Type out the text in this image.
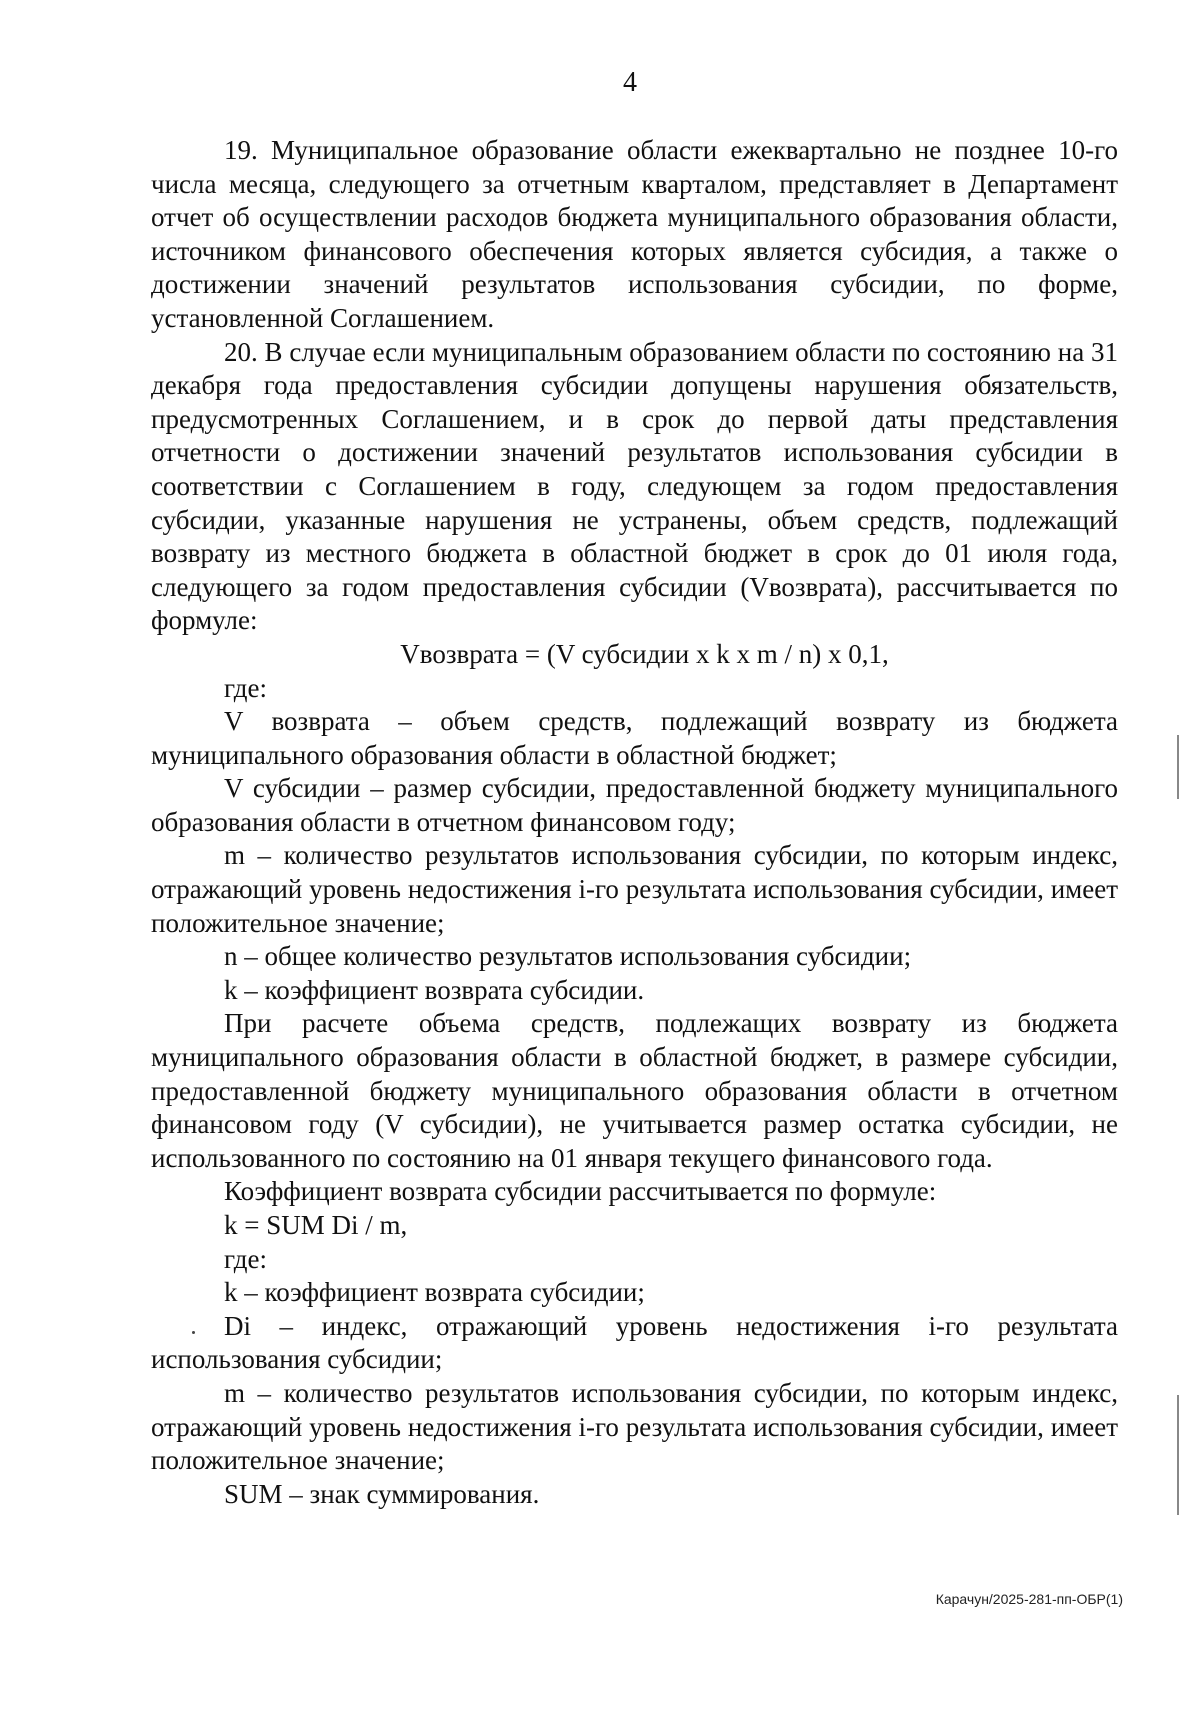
4

19. Муниципальное образование области ежеквартально не позднее 10-го числа месяца, следующего за отчетным кварталом, представляет в Департамент отчет об осуществлении расходов бюджета муниципального образования области, источником финансового обеспечения которых является субсидия, а также о достижении значений результатов использования субсидии, по форме, установленной Соглашением.

20. В случае если муниципальным образованием области по состоянию на 31 декабря года предоставления субсидии допущены нарушения обязательств, предусмотренных Соглашением, и в срок до первой даты представления отчетности о достижении значений результатов использования субсидии в соответствии с Соглашением в году, следующем за годом предоставления субсидии, указанные нарушения не устранены, объем средств, подлежащий возврату из местного бюджета в областной бюджет в срок до 01 июля года, следующего за годом предоставления субсидии (Vвозврата), рассчитывается по формуле:

Vвозврата = (V субсидии x k x m / n) x 0,1,

где:

V возврата – объем средств, подлежащий возврату из бюджета муниципального образования области в областной бюджет;

V субсидии – размер субсидии, предоставленной бюджету муниципального образования области в отчетном финансовом году;

m – количество результатов использования субсидии, по которым индекс, отражающий уровень недостижения i-го результата использования субсидии, имеет положительное значение;

n – общее количество результатов использования субсидии;

k – коэффициент возврата субсидии.

При расчете объема средств, подлежащих возврату из бюджета муниципального образования области в областной бюджет, в размере субсидии, предоставленной бюджету муниципального образования области в отчетном финансовом году (V субсидии), не учитывается размер остатка субсидии, не использованного по состоянию на 01 января текущего финансового года.

Коэффициент возврата субсидии рассчитывается по формуле:

k = SUM Di / m,

где:

k – коэффициент возврата субсидии;

Di – индекс, отражающий уровень недостижения i-го результата использования субсидии;

m – количество результатов использования субсидии, по которым индекс, отражающий уровень недостижения i-го результата использования субсидии, имеет положительное значение;

SUM – знак суммирования.

Карачун/2025-281-пп-ОБР(1)
